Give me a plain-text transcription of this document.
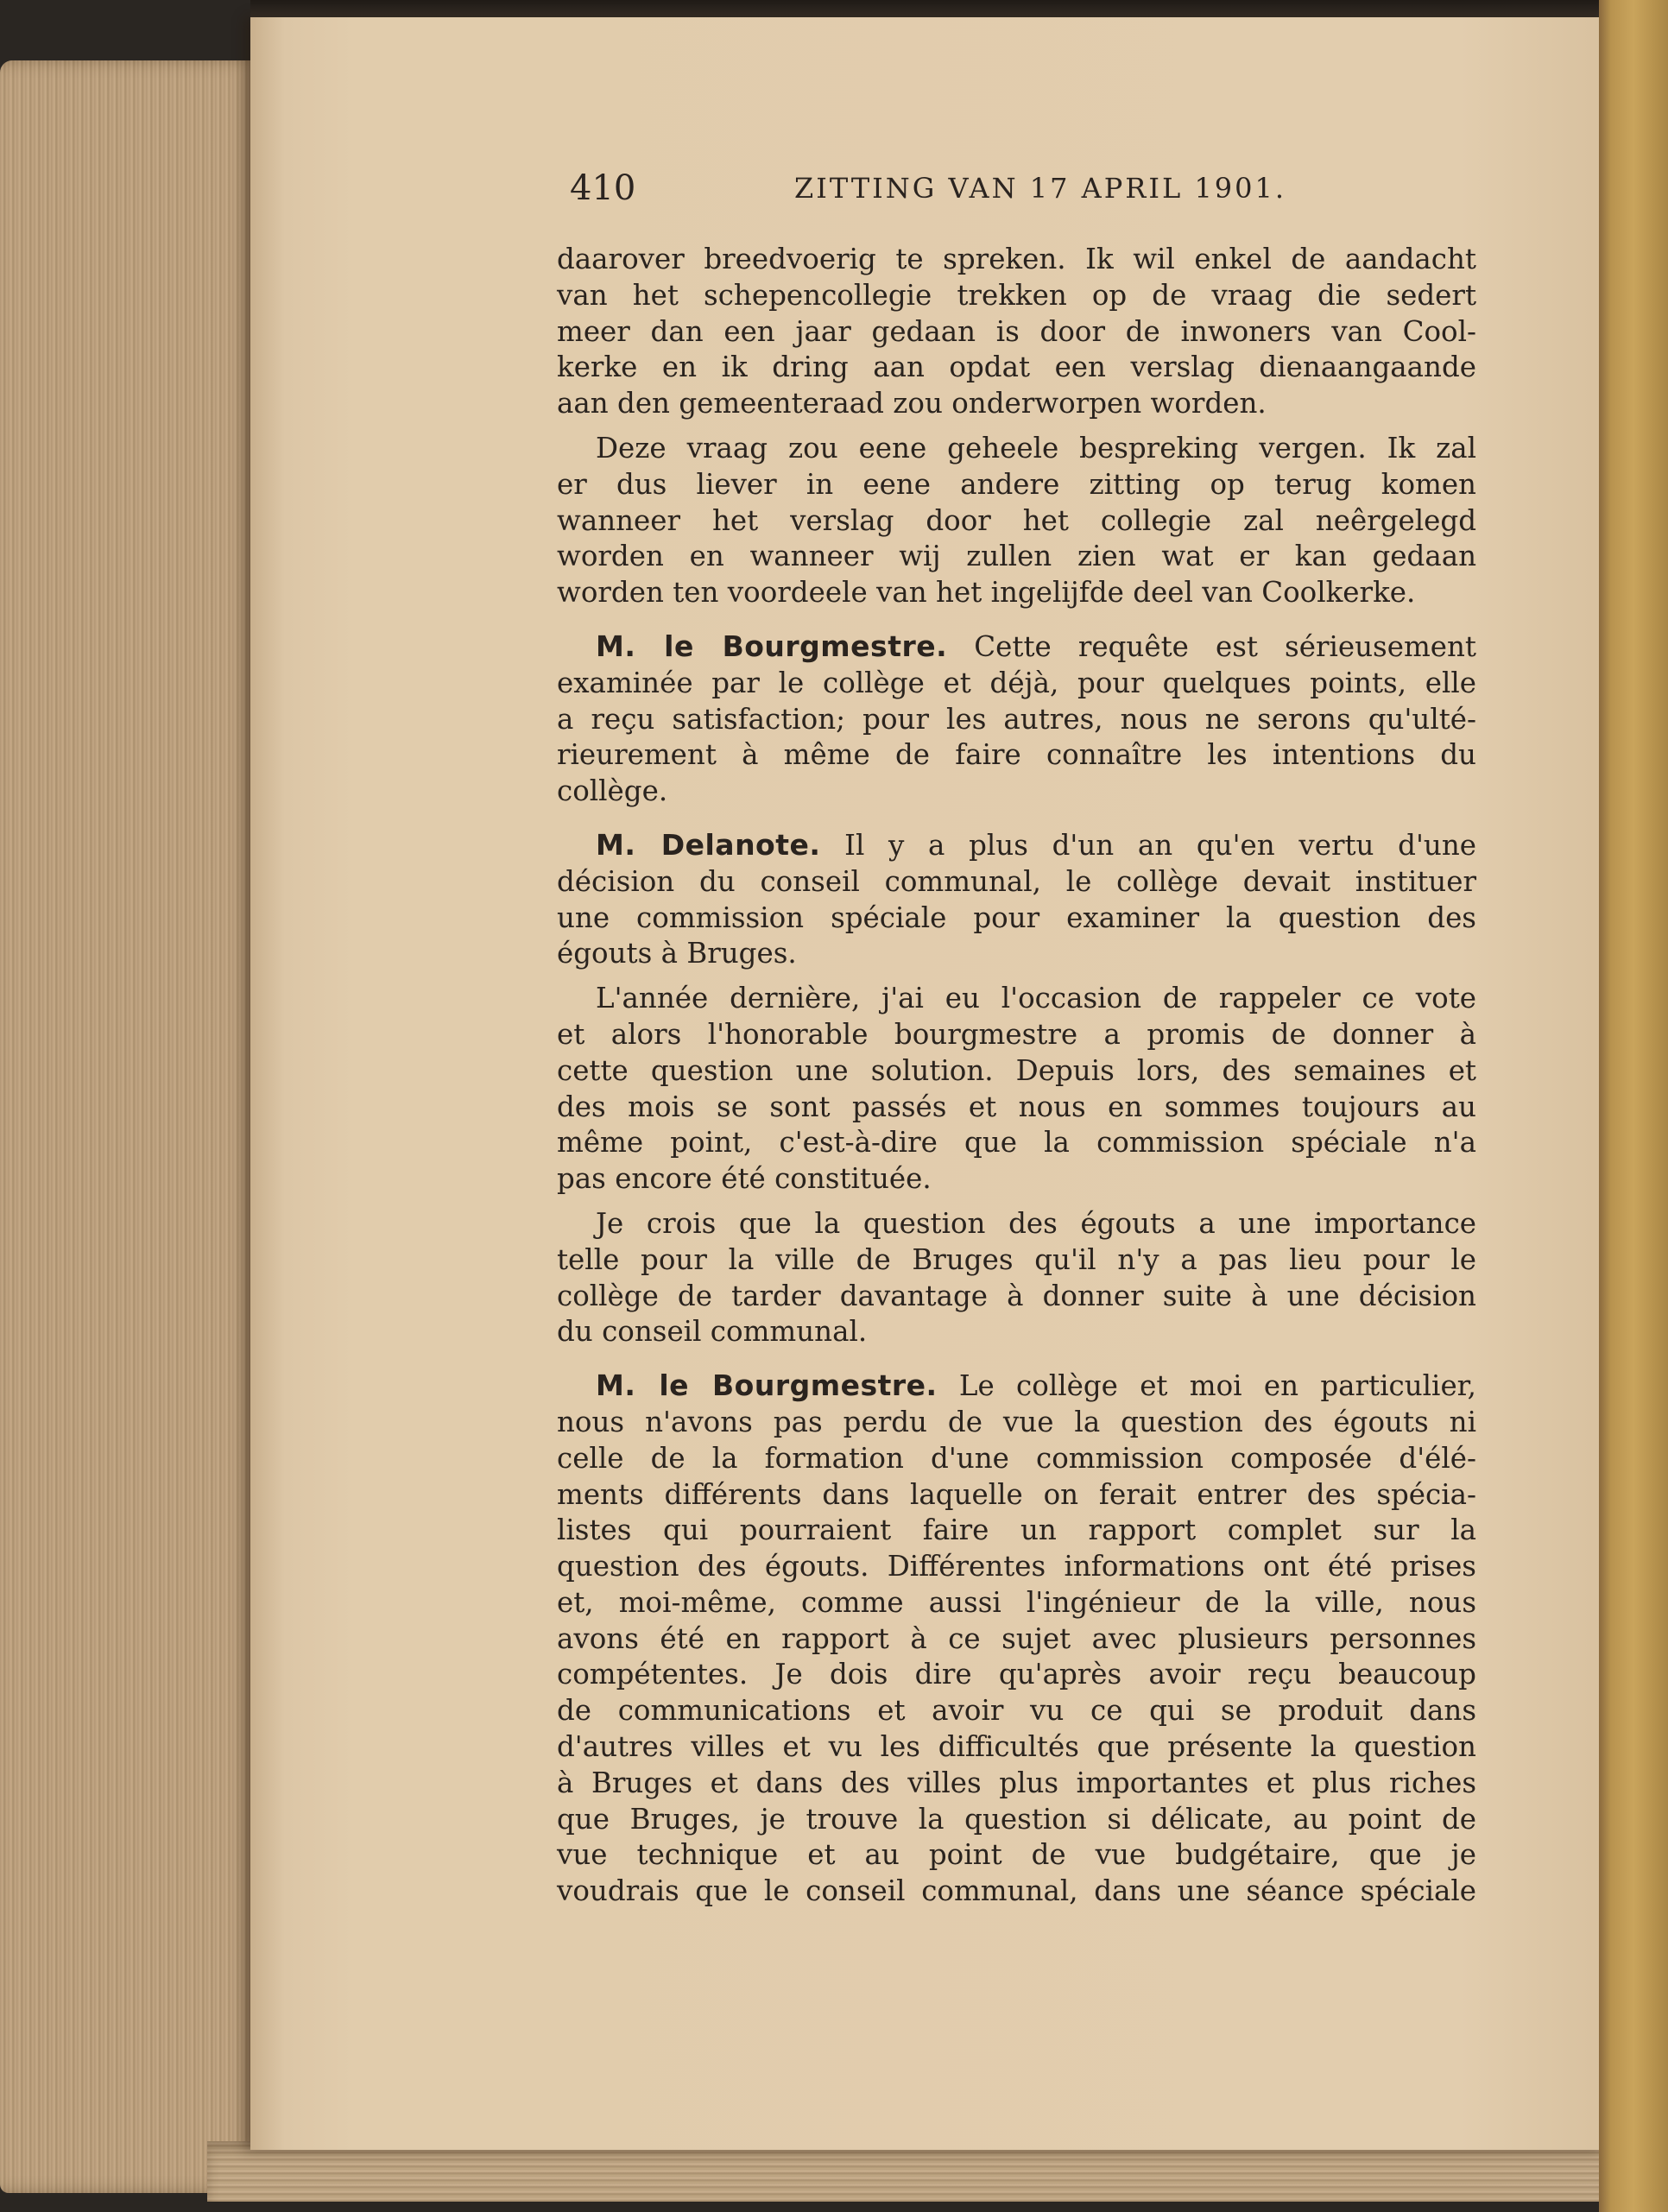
410	ZITTING VAN 17 APRIL 1901.

daarover breedvoerig te spreken. Ik wil enkel de aandacht
van het schepencollegie trekken op de vraag die sedert
meer dan een jaar gedaan is door de inwoners van Cool-
kerke en ik dring aan opdat een verslag dienaangaande
aan den gemeenteraad zou onderworpen worden.

Deze vraag zou eene geheele bespreking vergen. Ik zal
er dus liever in eene andere zitting op terug komen
wanneer het verslag door het collegie zal neêrgelegd
worden en wanneer wij zullen zien wat er kan gedaan
worden ten voordeele van het ingelijfde deel van Coolkerke.

M. le Bourgmestre. Cette requête est sérieusement
examinée par le collège et déjà, pour quelques points, elle
a reçu satisfaction; pour les autres, nous ne serons qu'ulté-
rieurement à même de faire connaître les intentions du
collège.

M. Delanote. Il y a plus d'un an qu'en vertu d'une
décision du conseil communal, le collège devait instituer
une commission spéciale pour examiner la question des
égouts à Bruges.

L'année dernière, j'ai eu l'occasion de rappeler ce vote
et alors l'honorable bourgmestre a promis de donner à
cette question une solution. Depuis lors, des semaines et
des mois se sont passés et nous en sommes toujours au
même point, c'est-à-dire que la commission spéciale n'a
pas encore été constituée.

Je crois que la question des égouts a une importance
telle pour la ville de Bruges qu'il n'y a pas lieu pour le
collège de tarder davantage à donner suite à une décision
du conseil communal.

M. le Bourgmestre. Le collège et moi en particulier,
nous n'avons pas perdu de vue la question des égouts ni
celle de la formation d'une commission composée d'élé-
ments différents dans laquelle on ferait entrer des spécia-
listes qui pourraient faire un rapport complet sur la
question des égouts. Différentes informations ont été prises
et, moi-même, comme aussi l'ingénieur de la ville, nous
avons été en rapport à ce sujet avec plusieurs personnes
compétentes. Je dois dire qu'après avoir reçu beaucoup
de communications et avoir vu ce qui se produit dans
d'autres villes et vu les difficultés que présente la question
à Bruges et dans des villes plus importantes et plus riches
que Bruges, je trouve la question si délicate, au point de
vue technique et au point de vue budgétaire, que je
voudrais que le conseil communal, dans une séance spéciale
